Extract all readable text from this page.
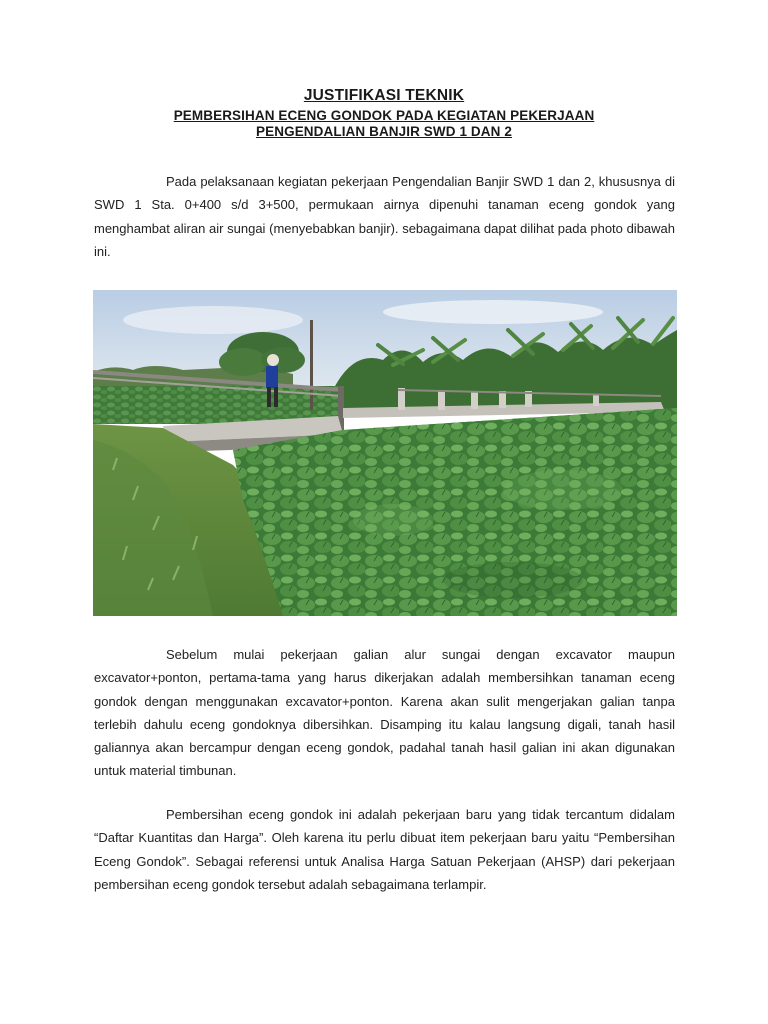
JUSTIFIKASI TEKNIK
PEMBERSIHAN ECENG GONDOK PADA KEGIATAN PEKERJAAN
PENGENDALIAN BANJIR SWD 1 DAN 2

Pada pelaksanaan kegiatan pekerjaan Pengendalian Banjir SWD 1 dan 2, khususnya di SWD 1 Sta. 0+400 s/d 3+500, permukaan airnya dipenuhi tanaman eceng gondok yang menghambat aliran air sungai (menyebabkan banjir). sebagaimana dapat dilihat pada photo dibawah ini.

Sebelum mulai pekerjaan galian alur sungai dengan excavator maupun excavator+ponton, pertama-tama yang harus dikerjakan adalah membersihkan tanaman eceng gondok dengan menggunakan excavator+ponton. Karena akan sulit mengerjakan galian tanpa terlebih dahulu eceng gondoknya dibersihkan. Disamping itu kalau langsung digali, tanah hasil galiannya akan bercampur dengan eceng gondok, padahal tanah hasil galian ini akan digunakan untuk material timbunan.

Pembersihan eceng gondok ini adalah pekerjaan baru yang tidak tercantum didalam “Daftar Kuantitas dan Harga”. Oleh karena itu perlu dibuat item pekerjaan baru yaitu “Pembersihan Eceng Gondok”. Sebagai referensi untuk Analisa Harga Satuan Pekerjaan (AHSP) dari pekerjaan pembersihan eceng gondok tersebut adalah sebagaimana terlampir.
